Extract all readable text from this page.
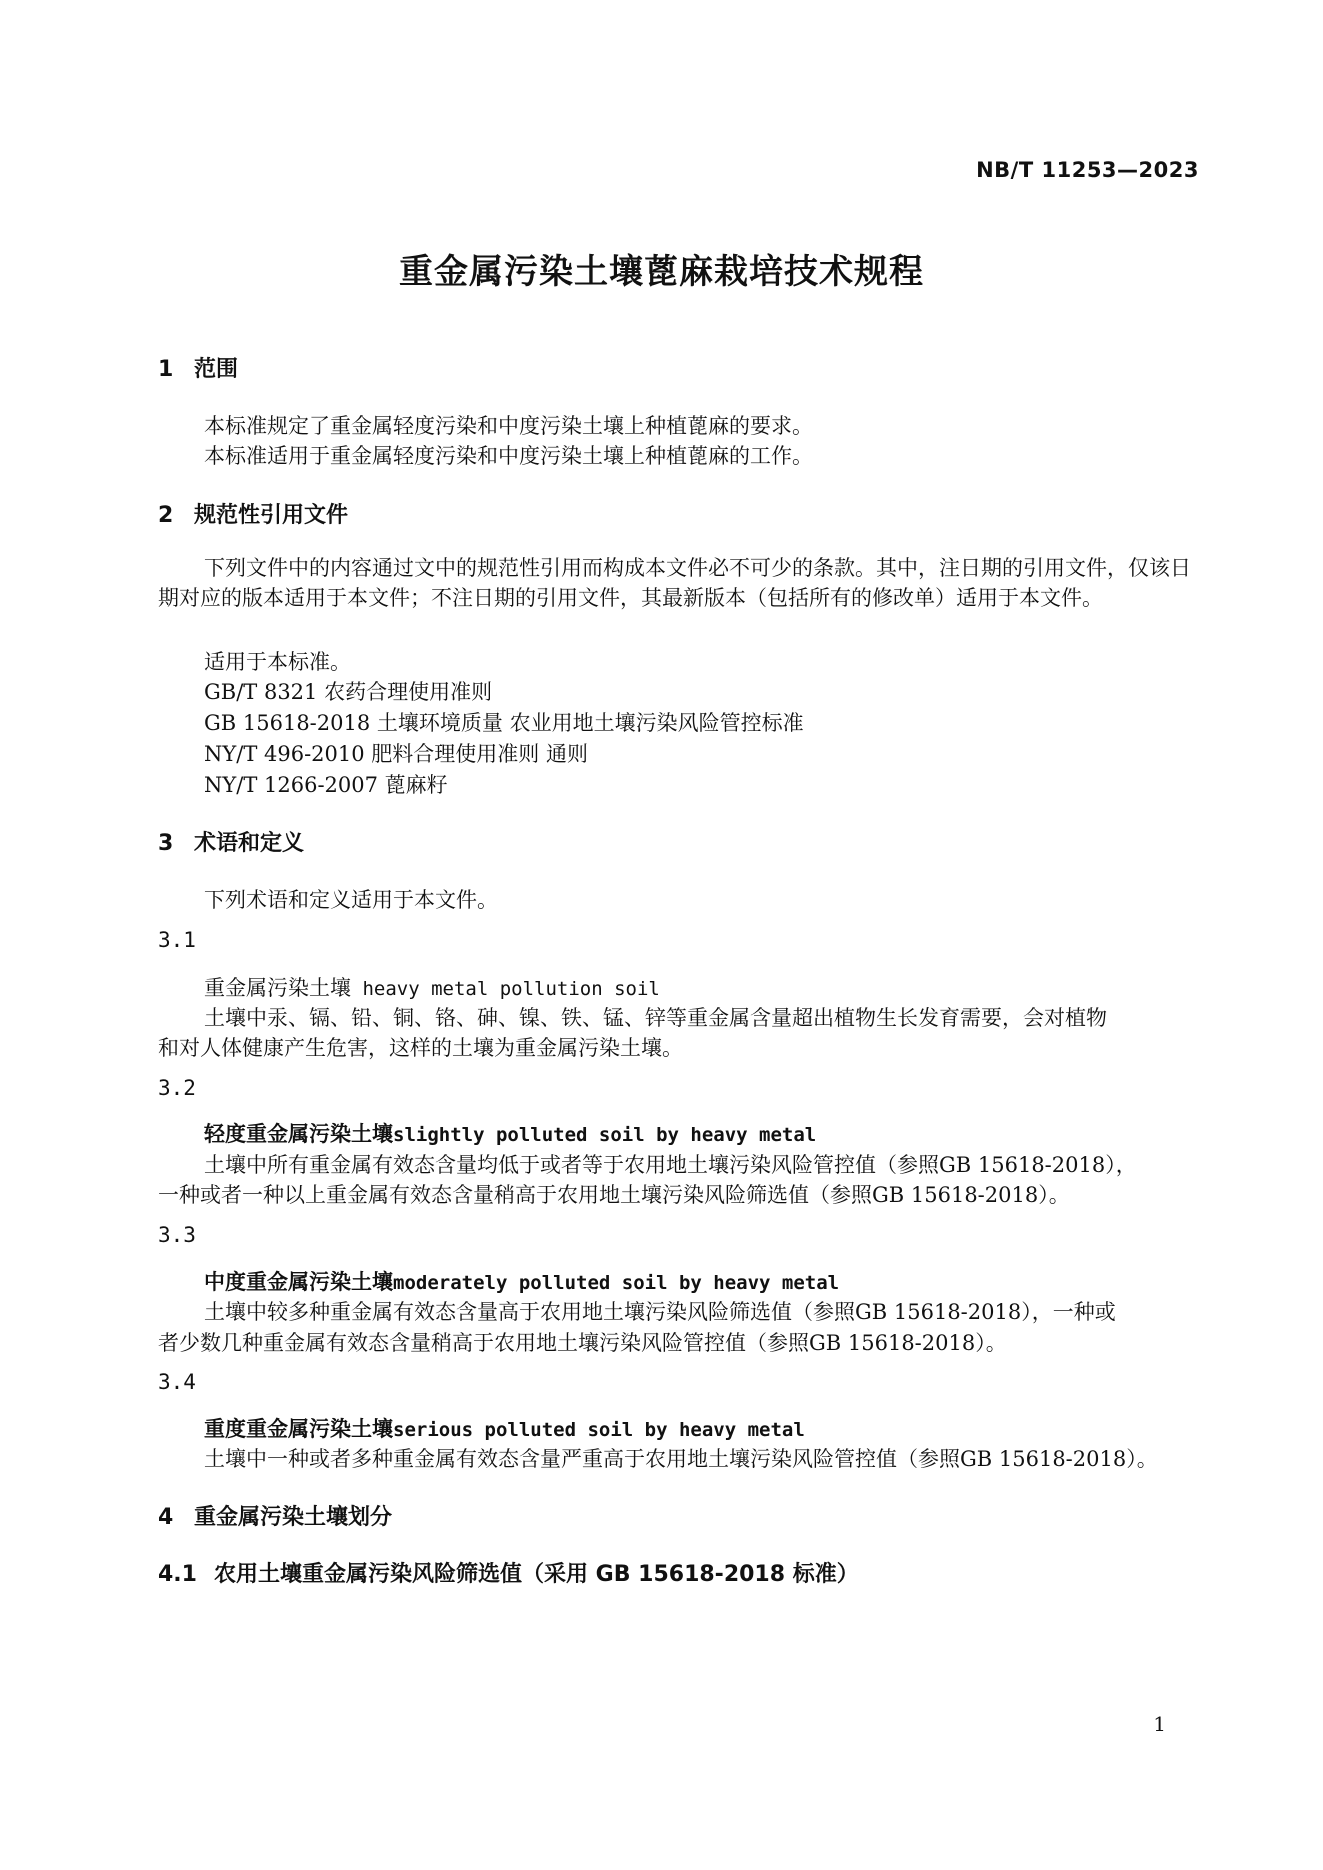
NB/T 11253—2023
重金属污染土壤蓖麻栽培技术规程
1 范围
本标准规定了重金属轻度污染和中度污染土壤上种植蓖麻的要求。
本标准适用于重金属轻度污染和中度污染土壤上种植蓖麻的工作。
2 规范性引用文件
下列文件中的内容通过文中的规范性引用而构成本文件必不可少的条款。其中，注日期的引用文件，仅该日期对应的版本适用于本文件；不注日期的引用文件，其最新版本（包括所有的修改单）适用于本文件。
适用于本标准。
GB/T 8321 农药合理使用准则
GB 15618-2018 土壤环境质量 农业用地土壤污染风险管控标准
NY/T 496-2010 肥料合理使用准则 通则
NY/T 1266-2007 蓖麻籽
3 术语和定义
下列术语和定义适用于本文件。
3.1
重金属污染土壤 heavy metal pollution soil
土壤中汞、镉、铅、铜、铬、砷、镍、铁、锰、锌等重金属含量超出植物生长发育需要，会对植物
和对人体健康产生危害，这样的土壤为重金属污染土壤。
3.2
轻度重金属污染土壤slightly polluted soil by heavy metal
土壤中所有重金属有效态含量均低于或者等于农用地土壤污染风险管控值（参照GB 15618-2018），
一种或者一种以上重金属有效态含量稍高于农用地土壤污染风险筛选值（参照GB 15618-2018）。
3.3
中度重金属污染土壤moderately polluted soil by heavy metal
土壤中较多种重金属有效态含量高于农用地土壤污染风险筛选值（参照GB 15618-2018），一种或
者少数几种重金属有效态含量稍高于农用地土壤污染风险管控值（参照GB 15618-2018）。
3.4
重度重金属污染土壤serious polluted soil by heavy metal
土壤中一种或者多种重金属有效态含量严重高于农用地土壤污染风险管控值（参照GB 15618-2018）。
4 重金属污染土壤划分
4.1 农用土壤重金属污染风险筛选值（采用 GB 15618-2018 标准）
1
